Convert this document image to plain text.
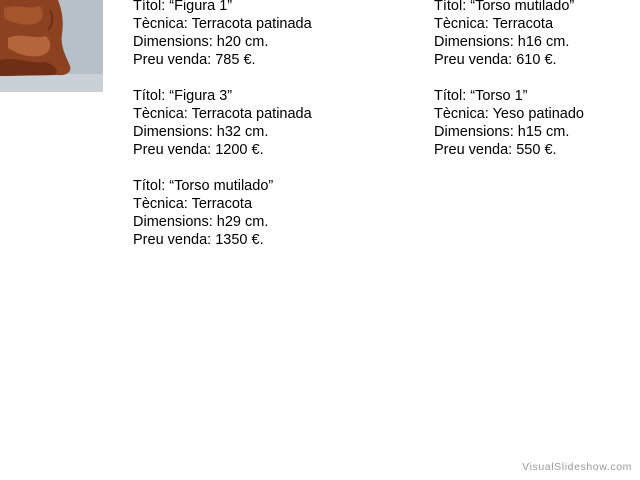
Títol: “Figura 1”
Tècnica: Terracota patinada
Dimensions: h20 cm.
Preu venda: 785 €.
Títol: “Figura 3”
Tècnica: Terracota patinada
Dimensions: h32 cm.
Preu venda: 1200 €.
Títol: “Torso mutilado”
Tècnica: Terracota
Dimensions: h29 cm.
Preu venda: 1350 €.
Títol: “Torso mutilado”
Tècnica: Terracota
Dimensions: h16 cm.
Preu venda: 610 €.
Títol: “Torso 1”
Tècnica: Yeso patinado
Dimensions: h15 cm.
Preu venda: 550 €.
VisualSlideshow.com
